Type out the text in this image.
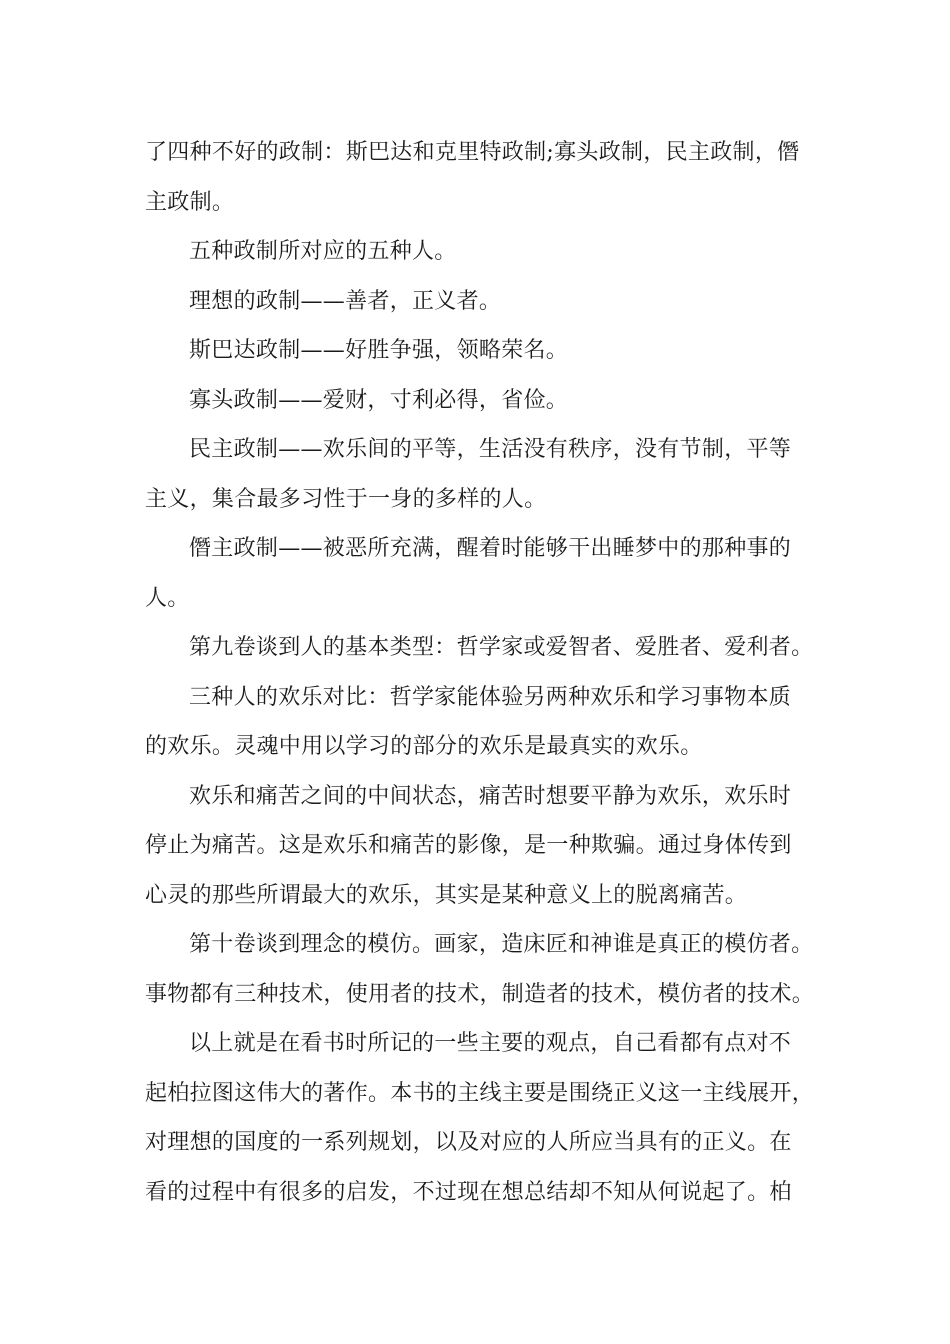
了四种不好的政制：斯巴达和克里特政制;寡头政制，民主政制，僭
主政制。
五种政制所对应的五种人。
理想的政制——善者，正义者。
斯巴达政制——好胜争强，领略荣名。
寡头政制——爱财，寸利必得，省俭。
民主政制——欢乐间的平等，生活没有秩序，没有节制，平等
主义，集合最多习性于一身的多样的人。
僭主政制——被恶所充满，醒着时能够干出睡梦中的那种事的
人。
第九卷谈到人的基本类型：哲学家或爱智者、爱胜者、爱利者。
三种人的欢乐对比：哲学家能体验另两种欢乐和学习事物本质
的欢乐。灵魂中用以学习的部分的欢乐是最真实的欢乐。
欢乐和痛苦之间的中间状态，痛苦时想要平静为欢乐，欢乐时
停止为痛苦。这是欢乐和痛苦的影像，是一种欺骗。通过身体传到
心灵的那些所谓最大的欢乐，其实是某种意义上的脱离痛苦。
第十卷谈到理念的模仿。画家，造床匠和神谁是真正的模仿者。
事物都有三种技术，使用者的技术，制造者的技术，模仿者的技术。
以上就是在看书时所记的一些主要的观点，自己看都有点对不
起柏拉图这伟大的著作。本书的主线主要是围绕正义这一主线展开，
对理想的国度的一系列规划，以及对应的人所应当具有的正义。在
看的过程中有很多的启发，不过现在想总结却不知从何说起了。柏
